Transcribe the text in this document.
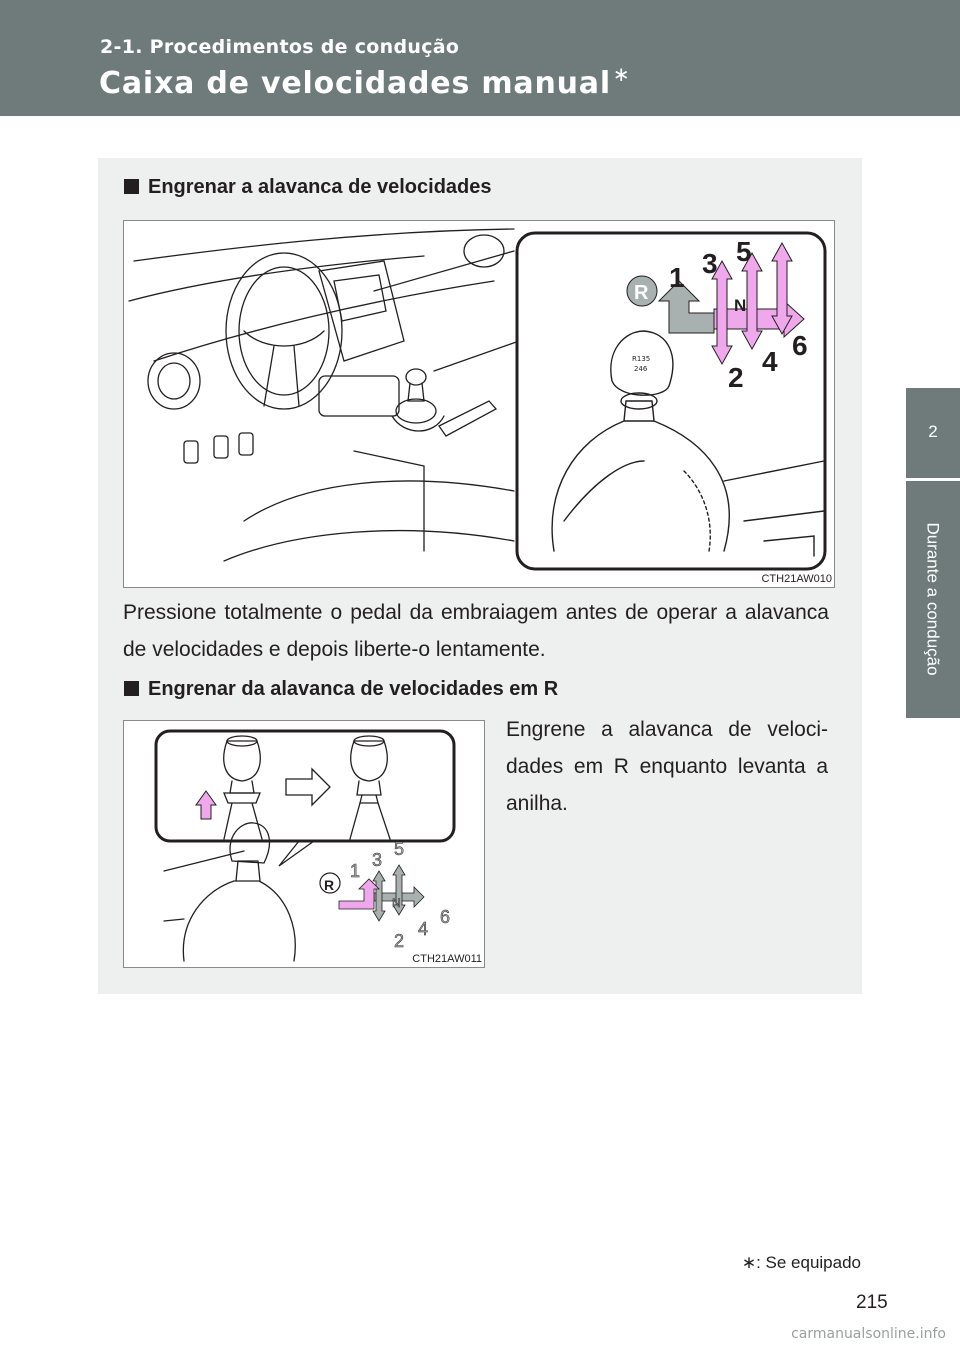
2-1. Procedimentos de condução
Caixa de velocidades manual ∗
2
Durante a condução
Engrenar a alavanca de velocidades
R135
246
R 1 3 5
N
2
4
6
CTH21AW010
Pressione totalmente o pedal da embraiagem antes de operar a alavanca de velocidades e depois liberte-o lentamente.
Engrenar da alavanca de velocidades em R
R
1
3
5
N
2
4
6
CTH21AW011
Engrene a alavanca de veloci-dades em R enquanto levanta a anilha.
∗: Se equipado
215
carmanualsonline.info
